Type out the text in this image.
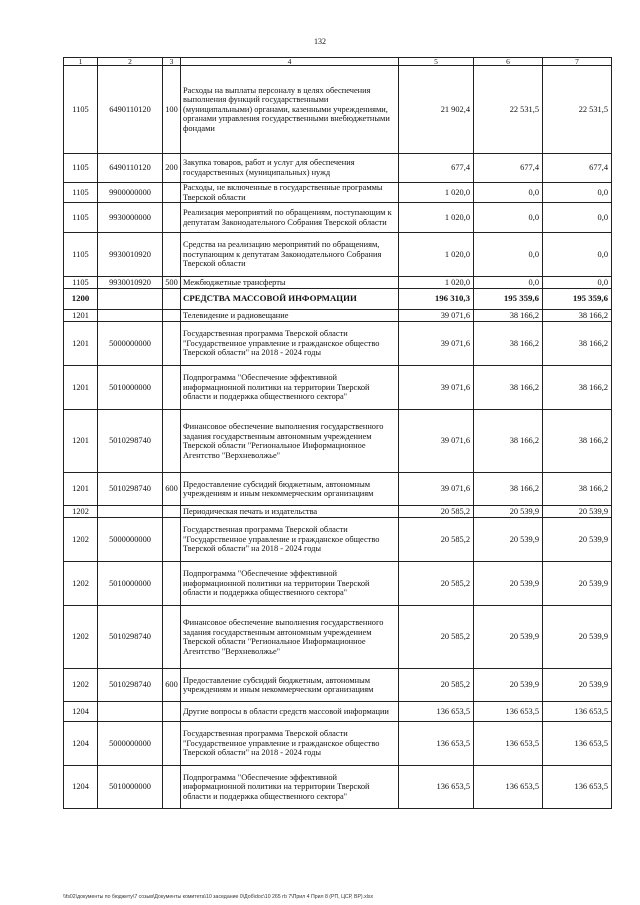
132
1	2	3	4	5	6	7
1105	6490110120	100	Расходы на выплаты персоналу в целях обеспечения выполнения функций государственными (муниципальными) органами, казенными учреждениями, органами управления государственными внебюджетными фондами	21 902,4	22 531,5	22 531,5
1105	6490110120	200	Закупка товаров, работ и услуг для обеспечения государственных (муниципальных) нужд	677,4	677,4	677,4
1105	9900000000		Расходы, не включенные в государственные программы Тверской области	1 020,0	0,0	0,0
1105	9930000000		Реализация мероприятий по обращениям, поступающим к депутатам Законодательного Собрания Тверской области	1 020,0	0,0	0,0
1105	9930010920		Средства на реализацию мероприятий по обращениям, поступающим к депутатам Законодательного Собрания Тверской области	1 020,0	0,0	0,0
1105	9930010920	500	Межбюджетные трансферты	1 020,0	0,0	0,0
1200			СРЕДСТВА МАССОВОЙ ИНФОРМАЦИИ	196 310,3	195 359,6	195 359,6
1201			Телевидение и радиовещание	39 071,6	38 166,2	38 166,2
1201	5000000000		Государственная программа Тверской области "Государственное управление и гражданское общество Тверской области" на 2018 - 2024 годы	39 071,6	38 166,2	38 166,2
1201	5010000000		Подпрограмма "Обеспечение эффективной информационной политики на территории Тверской области и поддержка общественного сектора"	39 071,6	38 166,2	38 166,2
1201	5010298740		Финансовое обеспечение выполнения государственного задания государственным автономным учреждением Тверской области "Региональное Информационное Агентство "Верхневолжье"	39 071,6	38 166,2	38 166,2
1201	5010298740	600	Предоставление субсидий бюджетным, автономным учреждениям и иным некоммерческим организациям	39 071,6	38 166,2	38 166,2
1202			Периодическая печать и издательства	20 585,2	20 539,9	20 539,9
1202	5000000000		Государственная программа Тверской области "Государственное управление и гражданское общество Тверской области" на 2018 - 2024 годы	20 585,2	20 539,9	20 539,9
1202	5010000000		Подпрограмма "Обеспечение эффективной информационной политики на территории Тверской области и поддержка общественного сектора"	20 585,2	20 539,9	20 539,9
1202	5010298740		Финансовое обеспечение выполнения государственного задания государственным автономным учреждением Тверской области "Региональное Информационное Агентство "Верхневолжье"	20 585,2	20 539,9	20 539,9
1202	5010298740	600	Предоставление субсидий бюджетным, автономным учреждениям и иным некоммерческим организациям	20 585,2	20 539,9	20 539,9
1204			Другие вопросы в области средств массовой информации	136 653,5	136 653,5	136 653,5
1204	5000000000		Государственная программа Тверской области "Государственное управление и гражданское общество Тверской области" на 2018 - 2024 годы	136 653,5	136 653,5	136 653,5
1204	5010000000		Подпрограмма "Обеспечение эффективной информационной политики на территории Тверской области и поддержка общественного сектора"	136 653,5	136 653,5	136 653,5
\\fs02\документы по бюджету\7 созыв\Документы комитета\10 заседание 0\Доб\doc\10 265 гb 7\Прил 4 Прил 8 (РП, ЦСР, ВР).xlsx
